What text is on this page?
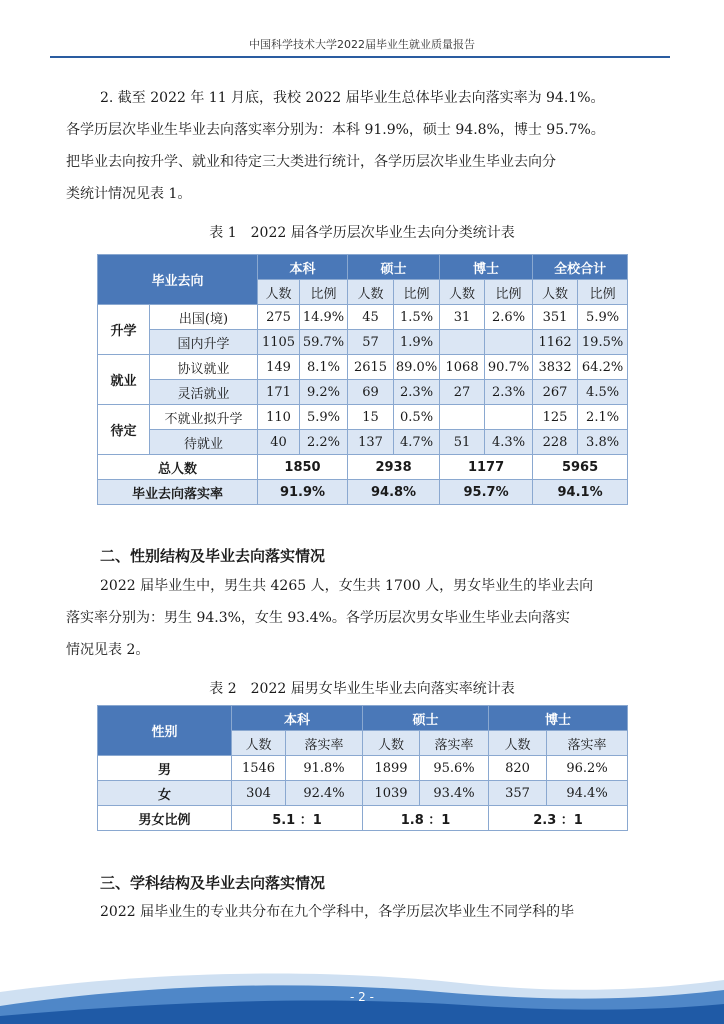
中国科学技术大学2022届毕业生就业质量报告
2. 截至 2022 年 11 月底，我校 2022 届毕业生总体毕业去向落实率为 94.1%。
各学历层次毕业生毕业去向落实率分别为：本科 91.9%，硕士 94.8%，博士 95.7%。
把毕业去向按升学、就业和待定三大类进行统计，各学历层次毕业生毕业去向分
类统计情况见表 1。
表 1　2022 届各学历层次毕业生去向分类统计表
毕业去向		本科		硕士		博士		全校合计	
		人数	比例	人数	比例	人数	比例	人数	比例
升学	出国(境)	275	14.9%	45	1.5%	31	2.6%	351	5.9%
	国内升学	1105	59.7%	57	1.9%			1162	19.5%
就业	协议就业	149	8.1%	2615	89.0%	1068	90.7%	3832	64.2%
	灵活就业	171	9.2%	69	2.3%	27	2.3%	267	4.5%
待定	不就业拟升学	110	5.9%	15	0.5%			125	2.1%
	待就业	40	2.2%	137	4.7%	51	4.3%	228	3.8%
总人数		1850		2938		1177		5965	
毕业去向落实率		91.9%		94.8%		95.7%		94.1%	
二、性别结构及毕业去向落实情况
2022 届毕业生中，男生共 4265 人，女生共 1700 人，男女毕业生的毕业去向
落实率分别为：男生 94.3%，女生 93.4%。各学历层次男女毕业生毕业去向落实
情况见表 2。
表 2　2022 届男女毕业生毕业去向落实率统计表
性别	本科		硕士		博士	
	人数	落实率	人数	落实率	人数	落实率
男	1546	91.8%	1899	95.6%	820	96.2%
女	304	92.4%	1039	93.4%	357	94.4%
男女比例	5.1 ：1		1.8 ：1		2.3 ：1	
三、学科结构及毕业去向落实情况
2022 届毕业生的专业共分布在九个学科中，各学历层次毕业生不同学科的毕
- 2 -
